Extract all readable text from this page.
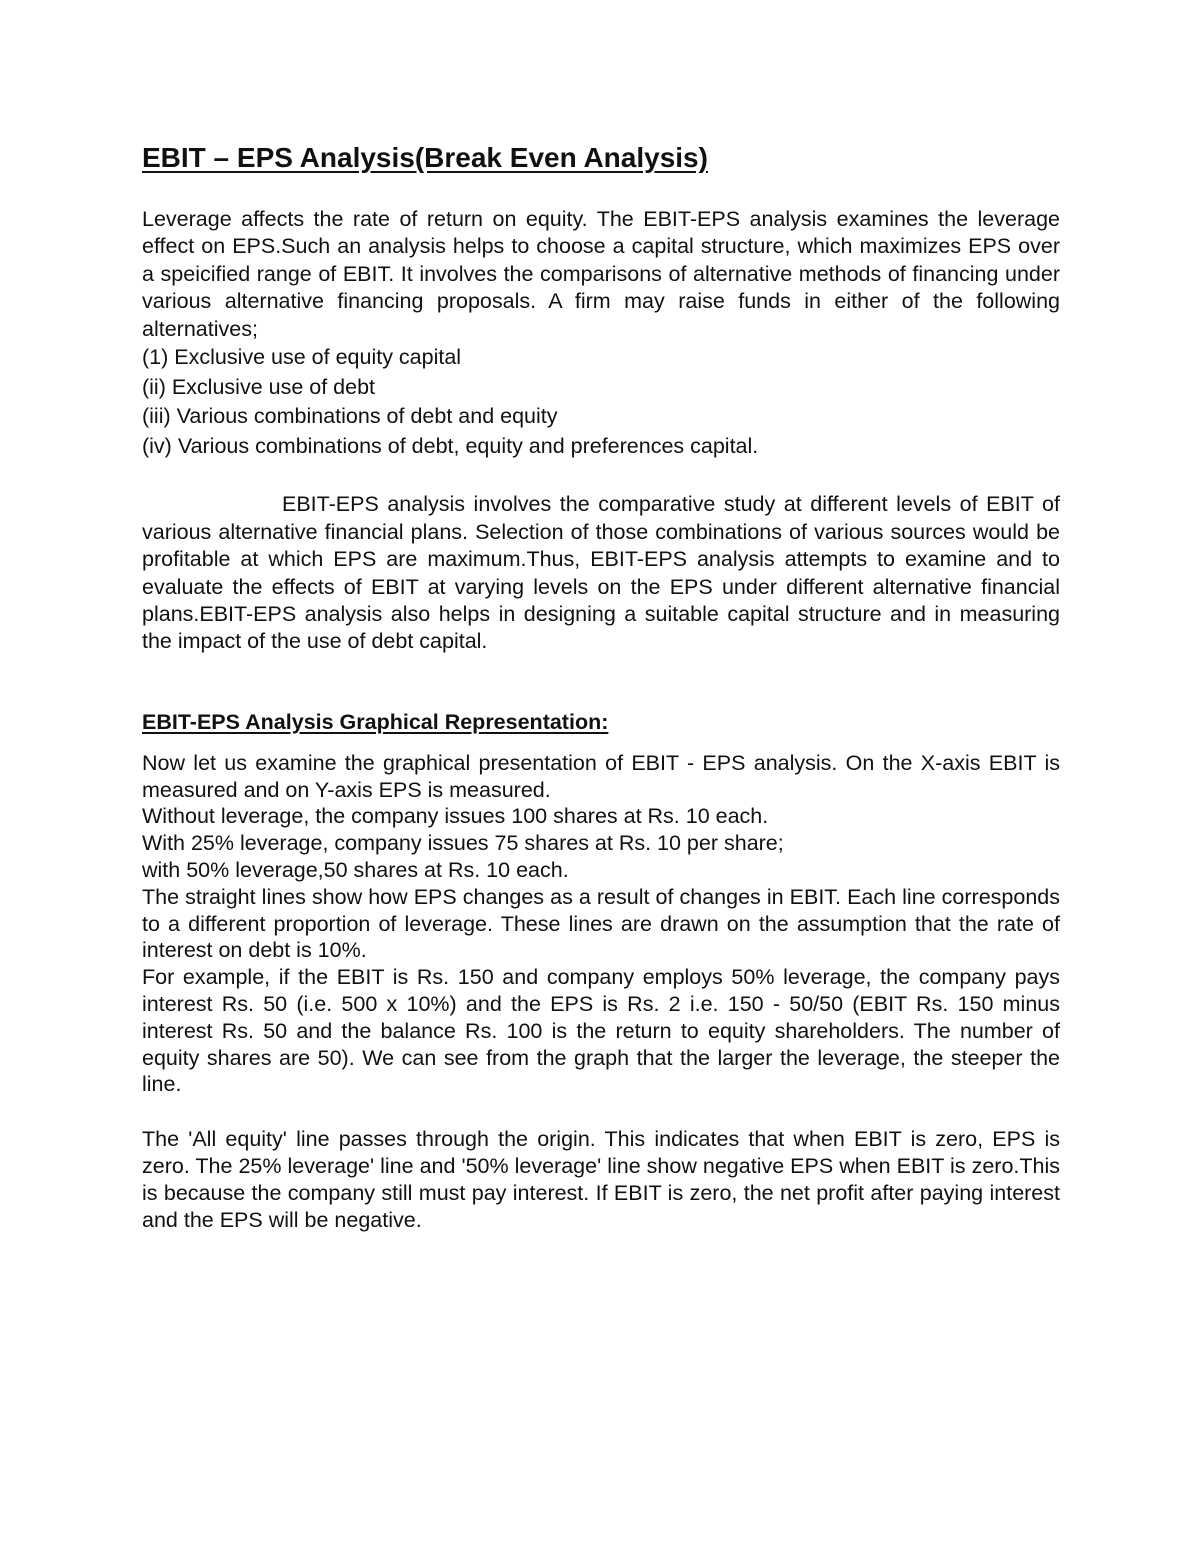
EBIT – EPS Analysis(Break Even Analysis)

Leverage affects the rate of return on equity. The EBIT-EPS analysis examines the leverage effect on EPS.Such an analysis helps to choose a capital structure, which maximizes EPS over a speicified range of EBIT. It involves the comparisons of alternative methods of financing under various alternative financing proposals. A firm may raise funds in either of the following alternatives;

(1) Exclusive use of equity capital

(ii) Exclusive use of debt

(iii) Various combinations of debt and equity

(iv) Various combinations of debt, equity and preferences capital.

EBIT-EPS analysis involves the comparative study at different levels of EBIT of various alternative financial plans. Selection of those combinations of various sources would be profitable at which EPS are maximum.Thus, EBIT-EPS analysis attempts to examine and to evaluate the effects of EBIT at varying levels on the EPS under different alternative financial plans.EBIT-EPS analysis also helps in designing a suitable capital structure and in measuring the impact of the use of debt capital.

EBIT-EPS Analysis Graphical Representation:

Now let us examine the graphical presentation of EBIT - EPS analysis. On the X-axis EBIT is measured and on Y-axis EPS is measured.

Without leverage, the company issues 100 shares at Rs. 10 each.

With 25% leverage, company issues 75 shares at Rs. 10 per share;

with 50% leverage,50 shares at Rs. 10 each.

The straight lines show how EPS changes as a result of changes in EBIT. Each line corresponds to a different proportion of leverage. These lines are drawn on the assumption that the rate of interest on debt is 10%.

For example, if the EBIT is Rs. 150 and company employs 50% leverage, the company pays interest Rs. 50 (i.e. 500 x 10%) and the EPS is Rs. 2 i.e. 150 - 50/50 (EBIT Rs. 150 minus interest Rs. 50 and the balance Rs. 100 is the return to equity shareholders. The number of equity shares are 50). We can see from the graph that the larger the leverage, the steeper the line.

The 'All equity' line passes through the origin. This indicates that when EBIT is zero, EPS is zero. The 25% leverage' line and '50% leverage' line show negative EPS when EBIT is zero.This is because the company still must pay interest. If EBIT is zero, the net profit after paying interest and the EPS will be negative.
